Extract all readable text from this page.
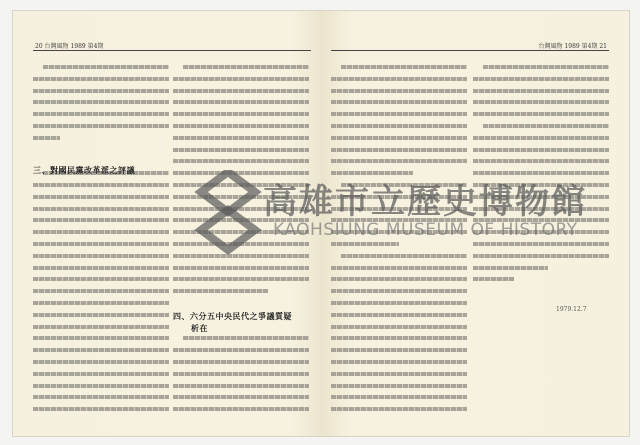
20 台灣風物 1989 第4期
三、對國民黨改革派之評議
四、六分五中央民代之爭議質疑
析在
台灣風物 1989 第4期 21
1979.12.7
高雄市立歷史博物館
KAOHSIUNG MUSEUM OF HISTORY
